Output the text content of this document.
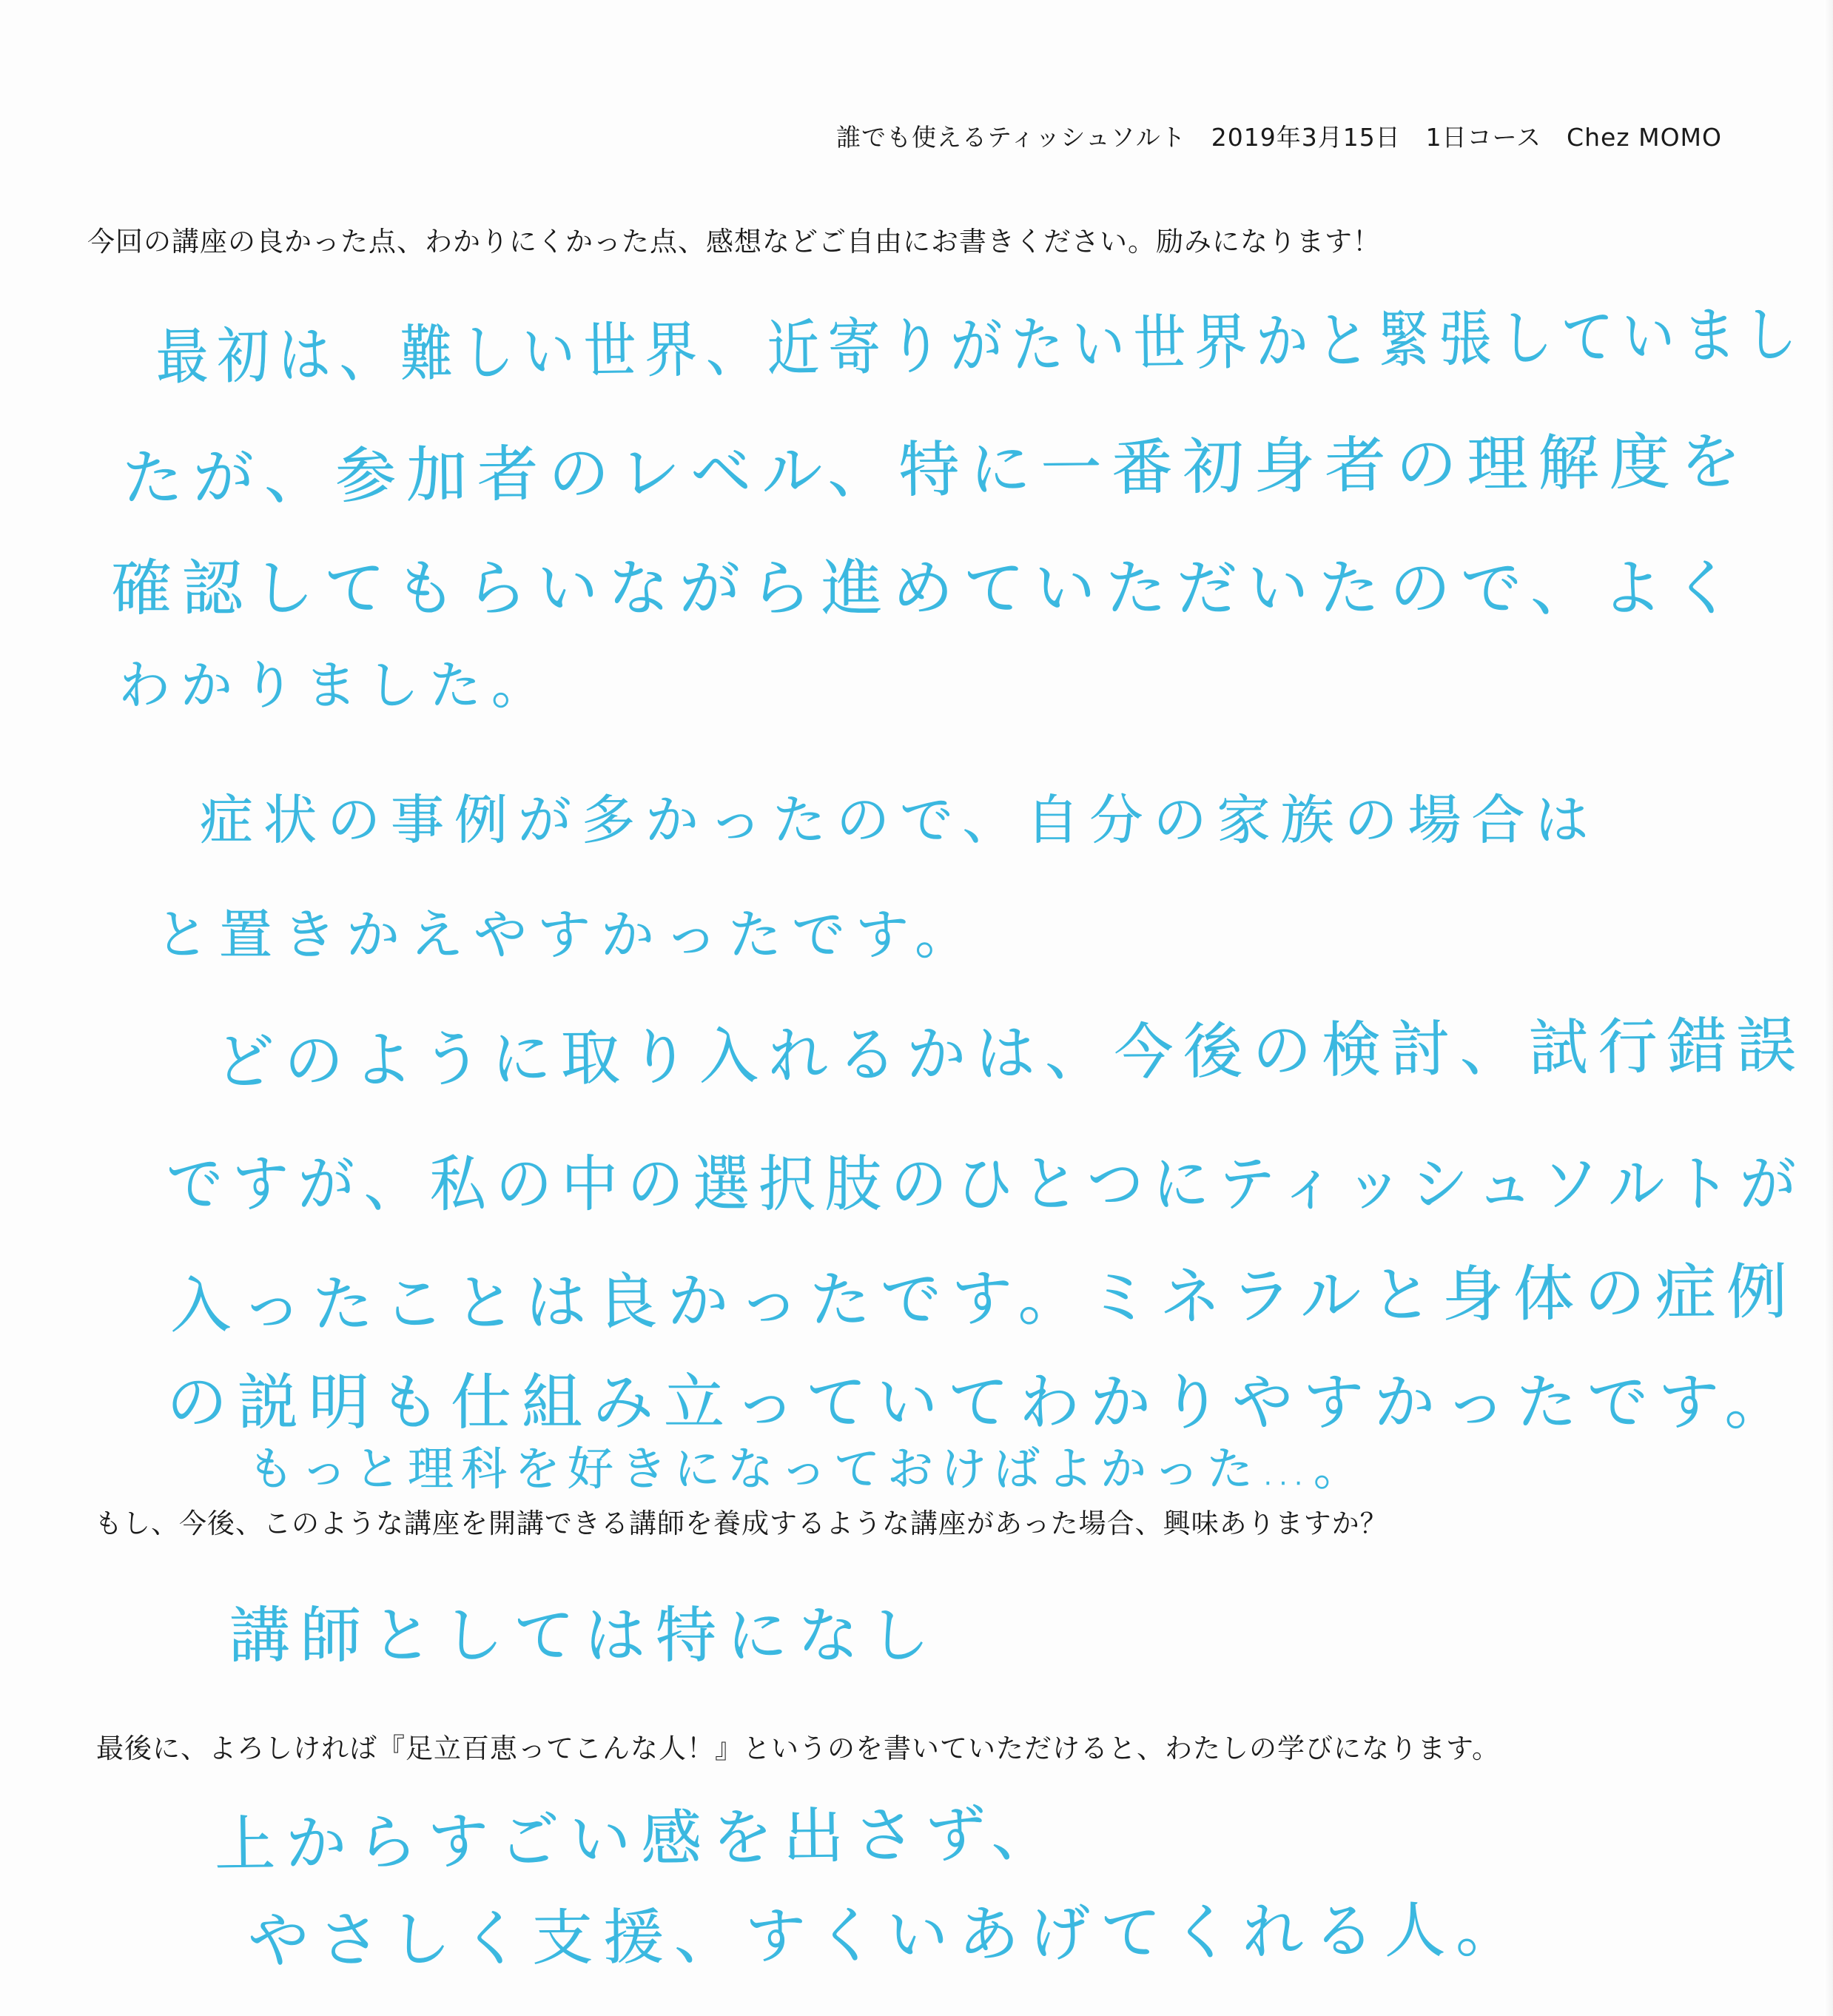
誰でも使えるティッシュソルト　2019年3月15日　1日コース　Chez MOMO
今回の講座の良かった点、わかりにくかった点、感想などご自由にお書きください。励みになります！
最初は、難しい世界、近寄りがたい世界かと緊張していまし
たが、参加者のレベル、特に一番初身者の理解度を
確認してもらいながら進めていただいたので、よく
わかりました。
症状の事例が多かったので、自分の家族の場合は
と置きかえやすかったです。
どのように取り入れるかは、今後の検討、試行錯誤
ですが、私の中の選択肢のひとつにティッシュソルトが
入ったことは良かったです。ミネラルと身体の症例
の説明も仕組み立っていてわかりやすかったです。
もっと理科を好きになっておけばよかった…。
もし、今後、このような講座を開講できる講師を養成するような講座があった場合、興味ありますか？
講師としては特になし
最後に、よろしければ『足立百恵ってこんな人！』というのを書いていただけると、わたしの学びになります。
上からすごい感を出さず、
やさしく支援、すくいあげてくれる人。
